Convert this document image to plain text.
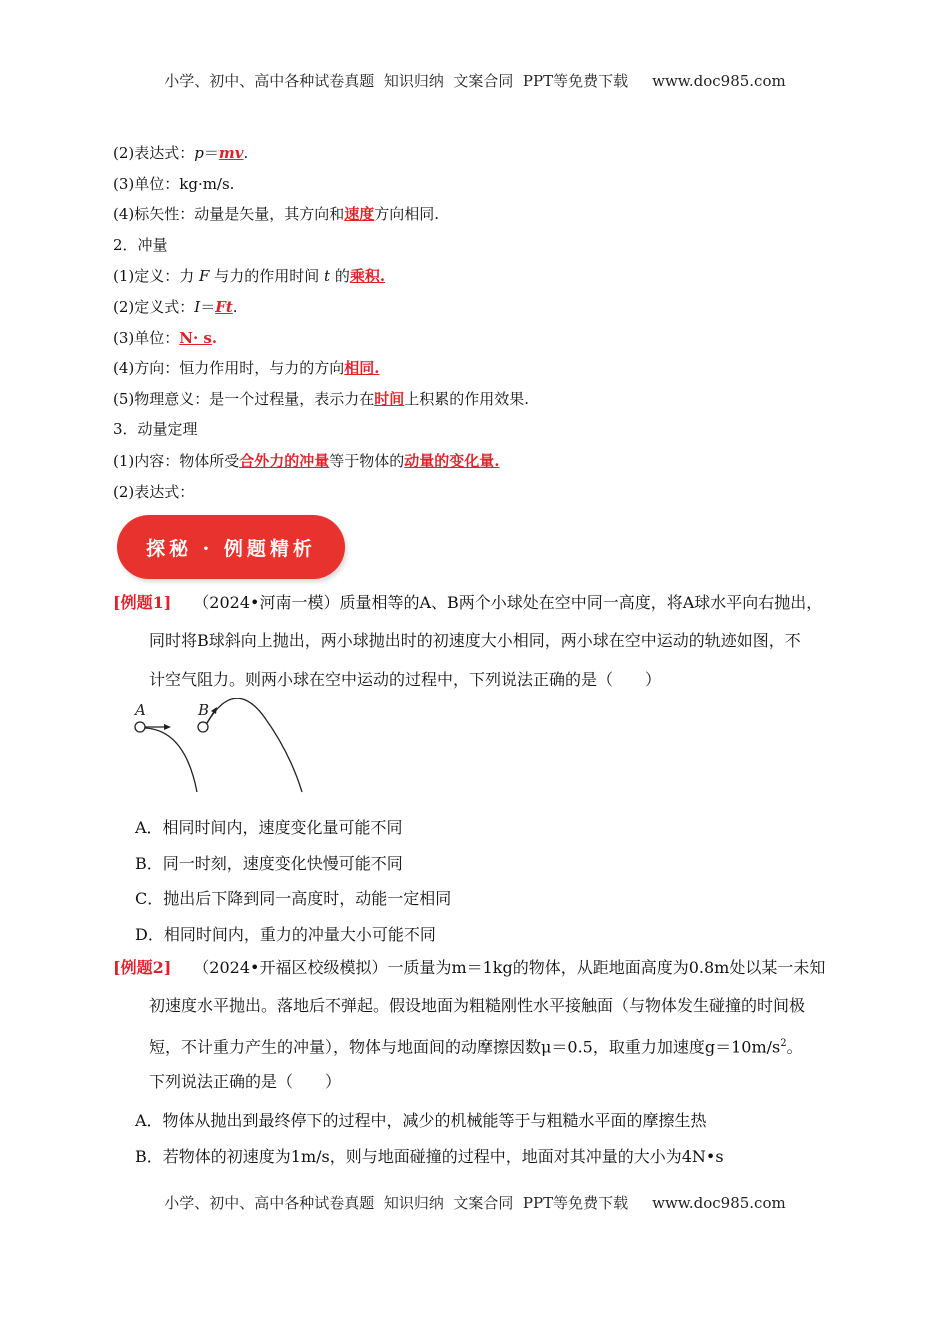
小学、初中、高中各种试卷真题  知识归纳  文案合同  PPT等免费下载 www.doc985.com
(2)表达式：p＝mv.
(3)单位：kg·m/s.
(4)标矢性：动量是矢量，其方向和速度方向相同.
2．冲量
(1)定义：力 F 与力的作用时间 t 的乘积.
(2)定义式：I＝Ft.
(3)单位：N· s.
(4)方向：恒力作用时，与力的方向相同.
(5)物理意义：是一个过程量，表示力在时间上积累的作用效果.
3．动量定理
(1)内容：物体所受合外力的冲量等于物体的动量的变化量.
(2)表达式：
探秘 · 例题精析
[例题1] （2024•河南一模）质量相等的A、B两个小球处在空中同一高度，将A球水平向右抛出，
同时将B球斜向上抛出，两小球抛出时的初速度大小相同，两小球在空中运动的轨迹如图，不
计空气阻力。则两小球在空中运动的过程中，下列说法正确的是（　　）
A	B
A．相同时间内，速度变化量可能不同
B．同一时刻，速度变化快慢可能不同
C．抛出后下降到同一高度时，动能一定相同
D．相同时间内，重力的冲量大小可能不同
[例题2] （2024•开福区校级模拟）一质量为m＝1kg的物体，从距地面高度为0.8m处以某一未知
初速度水平抛出。落地后不弹起。假设地面为粗糙刚性水平接触面（与物体发生碰撞的时间极
短，不计重力产生的冲量），物体与地面间的动摩擦因数μ＝0.5，取重力加速度$g=10m/s^2$。
下列说法正确的是（　　）
A．物体从抛出到最终停下的过程中，减少的机械能等于与粗糙水平面的摩擦生热
B．若物体的初速度为1m/s，则与地面碰撞的过程中，地面对其冲量的大小为4N•s
小学、初中、高中各种试卷真题  知识归纳  文案合同  PPT等免费下载 www.doc985.com
